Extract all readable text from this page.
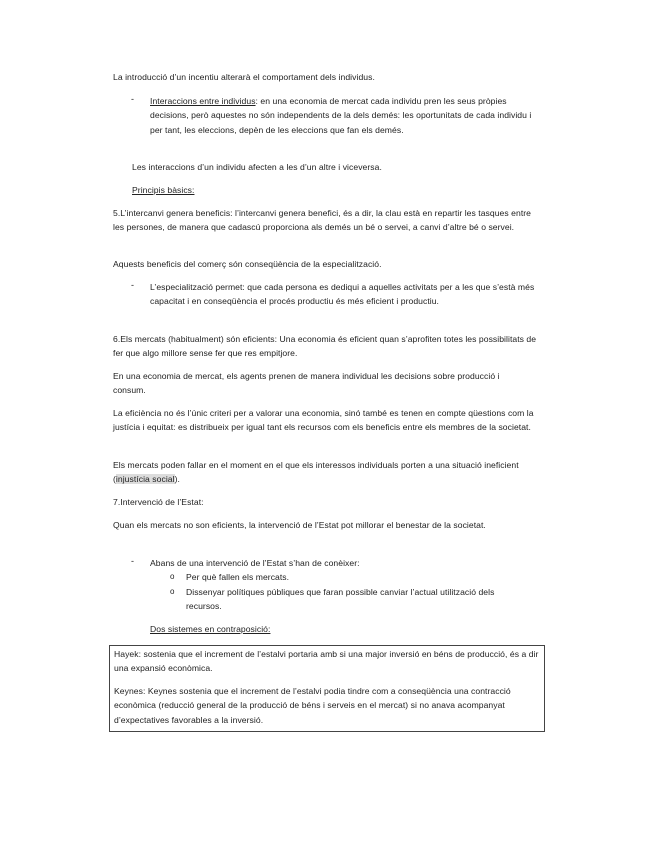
La introducció d’un incentiu alterarà el comportament dels individus.
- Interaccions entre individus: en una economia de mercat cada individu pren les seus pròpies decisions, però aquestes no són independents de la dels demés: les oportunitats de cada individu i per tant, les eleccions, depèn de les eleccions que fan els demés.
Les interaccions d’un individu afecten a les d’un altre i viceversa.
Principis bàsics:
5.L’intercanvi genera beneficis: l’intercanvi genera benefici, és a dir, la clau està en repartir les tasques entre les persones, de manera que cadascú proporciona als demés un bé o servei, a canvi d’altre bé o servei.
Aquests beneficis del comerç són conseqüència de la especialització.
- L’especialització permet: que cada persona es dediqui a aquelles activitats per a les que s’està més capacitat i en conseqüència el procés productiu és més eficient i productiu.
6.Els mercats (habitualment) són eficients: Una economia és eficient quan s’aprofiten totes les possibilitats de fer que algo millore sense fer que res empitjore.
En una economia de mercat, els agents prenen de manera individual les decisions sobre producció i consum.
La eficiència no és l’únic criteri per a valorar una economia, sinó també es tenen en compte qüestions com la justícia i equitat: es distribueix per igual tant els recursos com els beneficis entre els membres de la societat.
Els mercats poden fallar en el moment en el que els interessos individuals porten a una situació ineficient (injustícia social).
7.Intervenció de l’Estat:
Quan els mercats no son eficients, la intervenció de l’Estat pot millorar el benestar de la societat.
- Abans de una intervenció de l’Estat s’han de conèixer:
o Per què fallen els mercats.
o Dissenyar polítiques públiques que faran possible canviar l’actual utilització dels recursos.
Dos sistemes en contraposició:
Hayek: sostenia que el increment de l’estalvi portaria amb si una major inversió en béns de producció, és a dir una expansió econòmica.
Keynes: Keynes sostenia que el increment de l’estalvi podia tindre com a conseqüència una contracció econòmica (reducció general de la producció de béns i serveis en el mercat) si no anava acompanyat d’expectatives favorables a la inversió.
